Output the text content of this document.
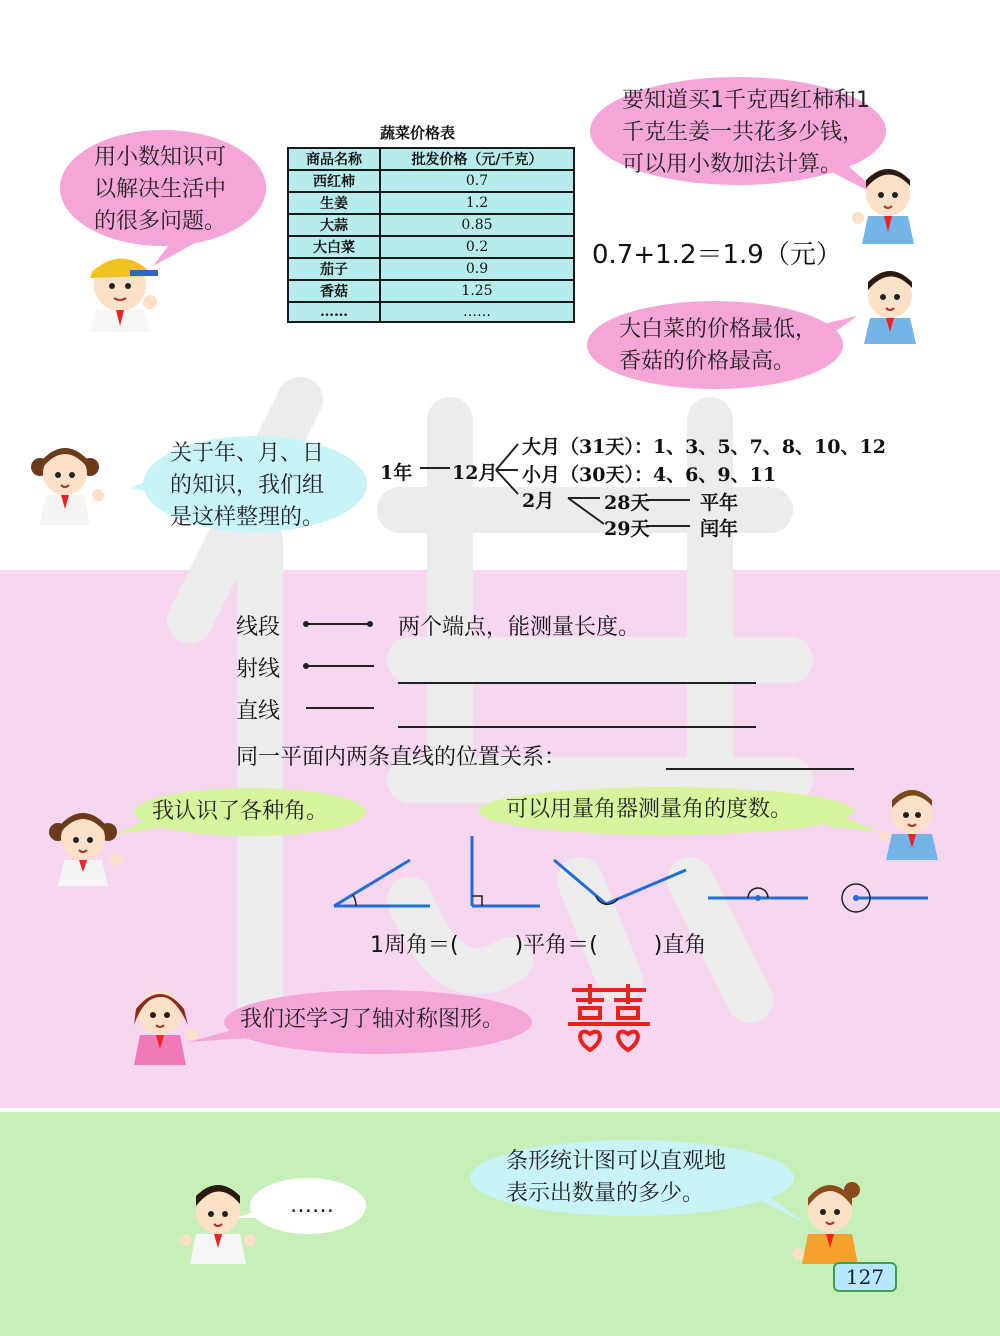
蔬菜价格表
商品名称	批发价格（元/千克）
西红柿	0.7
生姜	1.2
大蒜	0.85
大白菜	0.2
茄子	0.9
香菇	1.25
……	……
用小数知识可
以解决生活中
的很多问题。
要知道买1千克西红柿和1
千克生姜一共花多少钱，
可以用小数加法计算。
0.7+1.2＝1.9（元）
大白菜的价格最低，
香菇的价格最高。
关于年、月、日
的知识，我们组
是这样整理的。
1年 12月
大月（31天）：1、3、5、7、8、10、12
小月（30天）：4、6、9、11
2月	28天	平年
29天	闰年
线段	两个端点，能测量长度。
射线
直线
同一平面内两条直线的位置关系：
我认识了各种角。	可以用量角器测量角的度数。
1周角＝(	)平角＝(	)直角
我们还学习了轴对称图形。
……
条形统计图可以直观地
表示出数量的多少。
127
